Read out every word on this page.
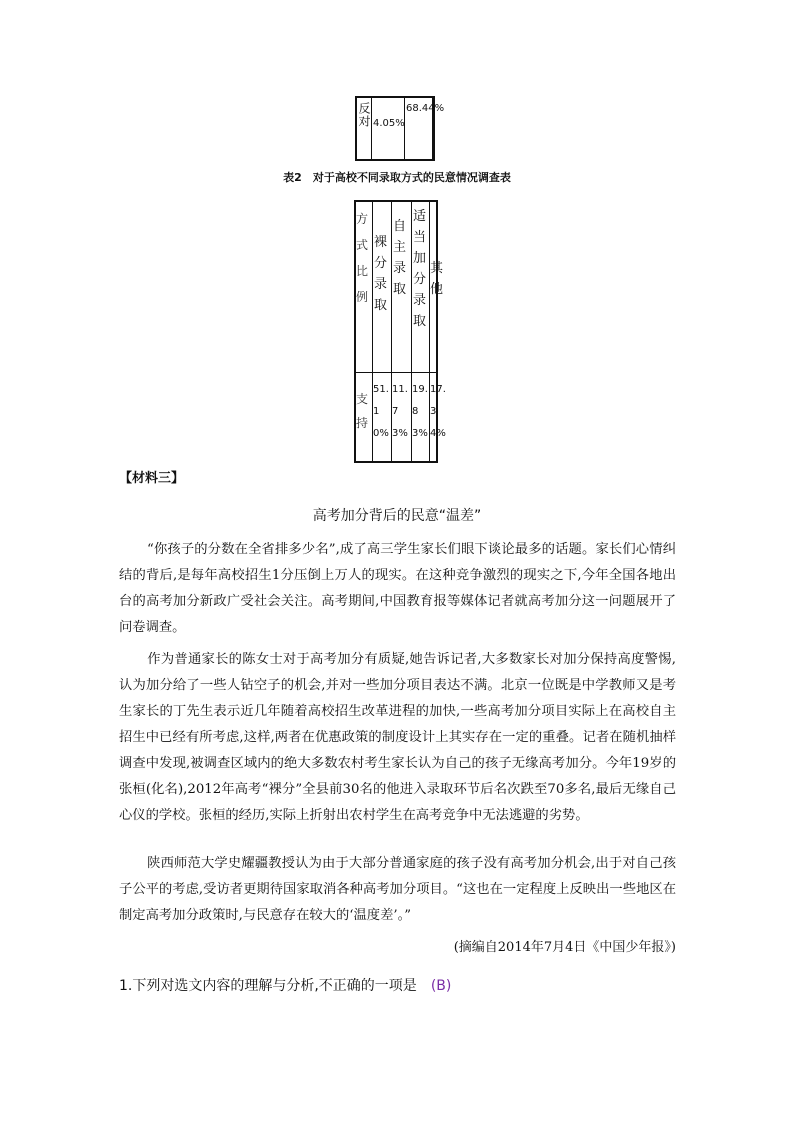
反对 4.05%
68.44%
表2　对于高校不同录取方式的民意情况调查表
方式比例
裸分录取
自主录取
适当加分录取
其他
支持
51.10%
11.73%
19.83%
17.34%
【材料三】
高考加分背后的民意“温差”
“你孩子的分数在全省排多少名”,成了高三学生家长们眼下谈论最多的话题。家长们心情纠结的背后,是每年高校招生1分压倒上万人的现实。在这种竞争激烈的现实之下,今年全国各地出台的高考加分新政广受社会关注。高考期间,中国教育报等媒体记者就高考加分这一问题展开了问卷调查。
作为普通家长的陈女士对于高考加分有质疑,她告诉记者,大多数家长对加分保持高度警惕,认为加分给了一些人钻空子的机会,并对一些加分项目表达不满。北京一位既是中学教师又是考生家长的丁先生表示近几年随着高校招生改革进程的加快,一些高考加分项目实际上在高校自主招生中已经有所考虑,这样,两者在优惠政策的制度设计上其实存在一定的重叠。记者在随机抽样调查中发现,被调查区域内的绝大多数农村考生家长认为自己的孩子无缘高考加分。今年19岁的张桓(化名),2012年高考“裸分”全县前30名的他进入录取环节后名次跌至70多名,最后无缘自己心仪的学校。张桓的经历,实际上折射出农村学生在高考竞争中无法逃避的劣势。
陕西师范大学史耀疆教授认为由于大部分普通家庭的孩子没有高考加分机会,出于对自己孩子公平的考虑,受访者更期待国家取消各种高考加分项目。“这也在一定程度上反映出一些地区在制定高考加分政策时,与民意存在较大的‘温度差’。”
(摘编自2014年7月4日《中国少年报》)
1.下列对选文内容的理解与分析,不正确的一项是 (B)
